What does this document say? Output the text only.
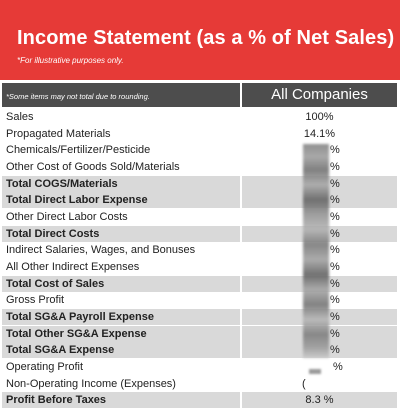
Income Statement (as a % of Net Sales)
*For illustrative purposes only.
*Some items may not total due to rounding.	All Companies
Sales	100%
Propagated Materials	14.1%
Chemicals/Fertilizer/Pesticide	%
Other Cost of Goods Sold/Materials	%
Total COGS/Materials	%
Total Direct Labor Expense	%
Other Direct Labor Costs	%
Total Direct Costs	%
Indirect Salaries, Wages, and Bonuses	%
All Other Indirect Expenses	%
Total Cost of Sales	%
Gross Profit	%
Total SG&A Payroll Expense	%
Total Other SG&A Expense	%
Total SG&A Expense	%
Operating Profit	%
Non-Operating Income (Expenses)	(
Profit Before Taxes	8.3 %
